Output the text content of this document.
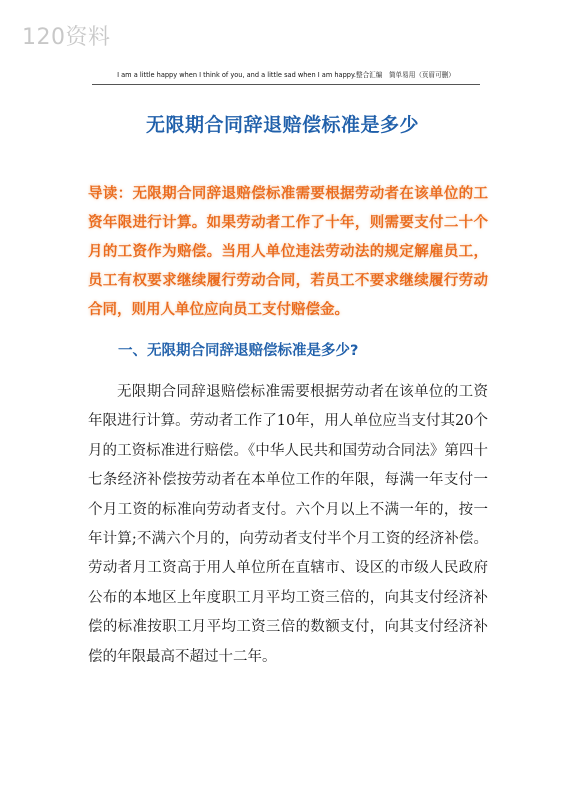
120资料
I am a little happy when I think of you, and a little sad when I am happy.整合汇编　简单易用（页眉可删）
无限期合同辞退赔偿标准是多少

导读：无限期合同辞退赔偿标准需要根据劳动者在该单位的工资年限进行计算。如果劳动者工作了十年，则需要支付二十个月的工资作为赔偿。当用人单位违法劳动法的规定解雇员工，员工有权要求继续履行劳动合同，若员工不要求继续履行劳动合同，则用人单位应向员工支付赔偿金。

一、无限期合同辞退赔偿标准是多少?

无限期合同辞退赔偿标准需要根据劳动者在该单位的工资年限进行计算。劳动者工作了10年，用人单位应当支付其20个月的工资标准进行赔偿。《中华人民共和国劳动合同法》第四十七条经济补偿按劳动者在本单位工作的年限，每满一年支付一个月工资的标准向劳动者支付。六个月以上不满一年的，按一年计算;不满六个月的，向劳动者支付半个月工资的经济补偿。劳动者月工资高于用人单位所在直辖市、设区的市级人民政府公布的本地区上年度职工月平均工资三倍的，向其支付经济补偿的标准按职工月平均工资三倍的数额支付，向其支付经济补偿的年限最高不超过十二年。
